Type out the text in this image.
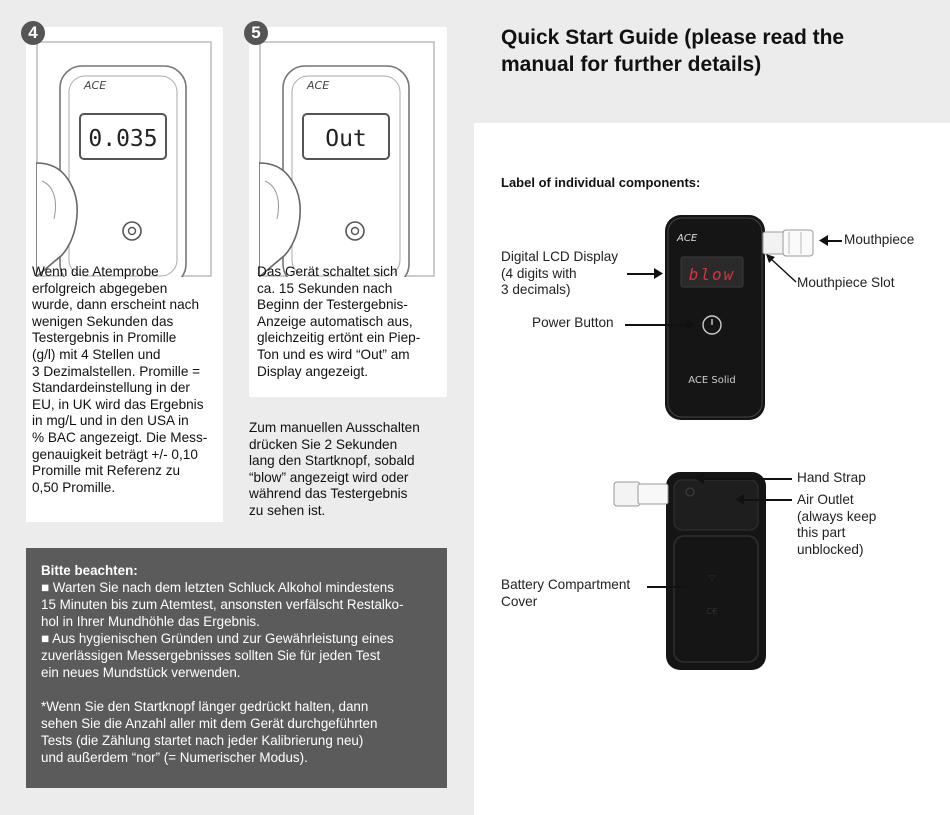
ACE
0.035
Wenn die Atemprobe
erfolgreich abgegeben
wurde, dann erscheint nach
wenigen Sekunden das
Testergebnis in Promille
(g/l) mit 4 Stellen und
3 Dezimalstellen. Promille =
Standardeinstellung in der
EU, in UK wird das Ergebnis
in mg/L und in den USA in
% BAC angezeigt. Die Mess-
genauigkeit beträgt +/- 0,10
Promille mit Referenz zu
0,50 Promille.
4
ACE
Out
Das Gerät schaltet sich
ca. 15 Sekunden nach
Beginn der Testergebnis-
Anzeige automatisch aus,
gleichzeitig ertönt ein Piep-
Ton und es wird “Out” am
Display angezeigt.
5
Zum manuellen Ausschalten
drücken Sie 2 Sekunden
lang den Startknopf, sobald
“blow” angezeigt wird oder
während das Testergebnis
zu sehen ist.
Bitte beachten:

■ Warten Sie nach dem letzten Schluck Alkohol mindestens
15 Minuten bis zum Atemtest, ansonsten verfälscht Restalko-
hol in Ihrer Mundhöhle das Ergebnis.

■ Aus hygienischen Gründen und zur Gewährleistung eines
zuverlässigen Messergebnisses sollten Sie für jeden Test
ein neues Mundstück verwenden.

*Wenn Sie den Startknopf länger gedrückt halten, dann
sehen Sie die Anzahl aller mit dem Gerät durchgeführten
Tests (die Zählung startet nach jeder Kalibrierung neu)
und außerdem “nor” (= Numerischer Modus).

Quick Start Guide (please read the
manual for further details)
Label of individual components:
ACE
blow
ACE Solid
▽
C€
Digital LCD Display
(4 digits with
3 decimals)
Power Button
Mouthpiece
Mouthpiece Slot
Hand Strap
Air Outlet
(always keep
this part
unblocked)
Battery Compartment
Cover
